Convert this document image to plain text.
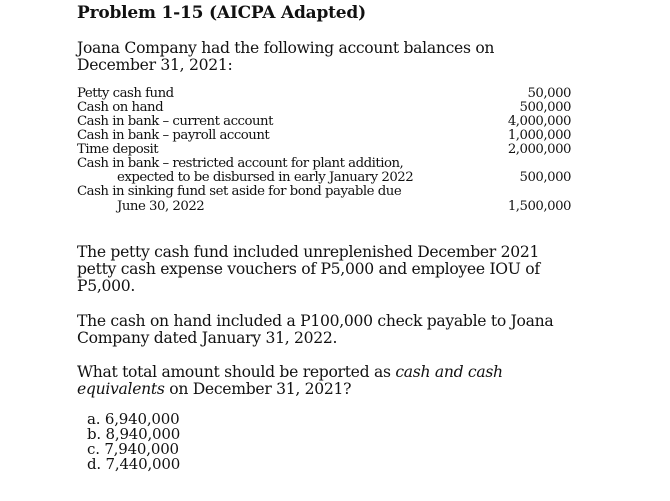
Problem 1-15 (AICPA Adapted)
Joana Company had the following account balances on
December 31, 2021:
Petty cash fund	50,000
Cash on hand	500,000
Cash in bank – current account	4,000,000
Cash in bank – payroll account	1,000,000
Time deposit	2,000,000
Cash in bank – restricted account for plant addition,
expected to be disbursed in early January 2022	500,000
Cash in sinking fund set aside for bond payable due
June 30, 2022	1,500,000
The petty cash fund included unreplenished December 2021
petty cash expense vouchers of P5,000 and employee IOU of
P5,000.
The cash on hand included a P100,000 check payable to Joana
Company dated January 31, 2022.
What total amount should be reported as cash and cash
equivalents on December 31, 2021?
a. 6,940,000
b. 8,940,000
c. 7,940,000
d. 7,440,000
